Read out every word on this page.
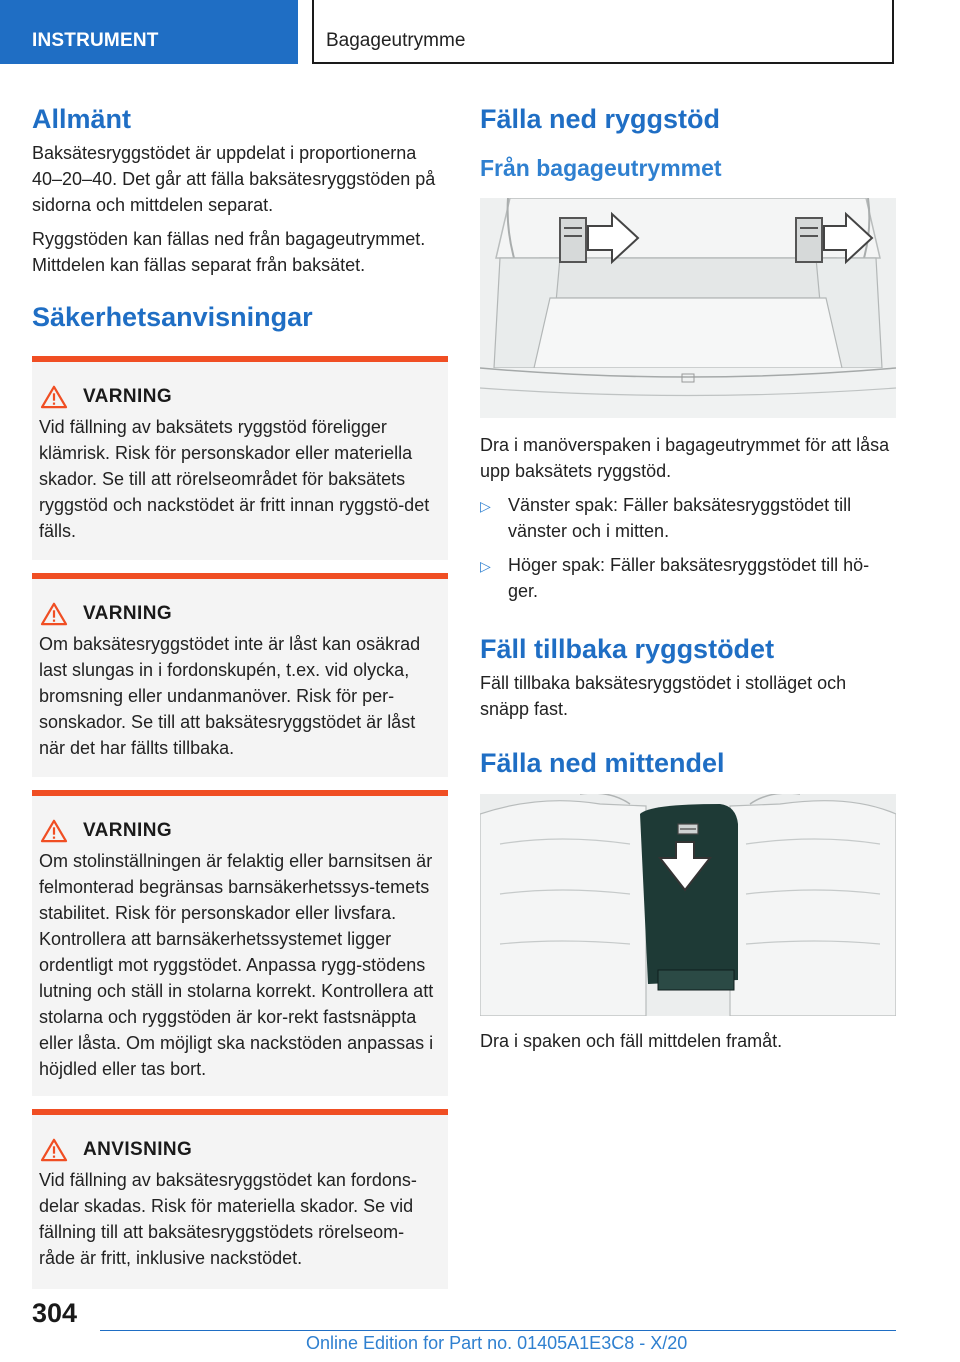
INSTRUMENT	Bagageutrymme
Allmänt

Baksätesryggstödet är uppdelat i proportionerna 40–20–40. Det går att fälla baksätesryggstöden på sidorna och mittdelen separat.

Ryggstöden kan fällas ned från bagageutrymmet. Mittdelen kan fällas separat från baksätet.

Säkerhetsanvisningar
VARNING

Vid fällning av baksätets ryggstöd föreligger klämrisk. Risk för personskador eller materiella skador. Se till att rörelseområdet för baksätets ryggstöd och nackstödet är fritt innan ryggstö-det fälls.

VARNING

Om baksätesryggstödet inte är låst kan osäkrad last slungas in i fordonskupén, t.ex. vid olycka, bromsning eller undanmanöver. Risk för per-sonskador. Se till att baksätesryggstödet är låst när det har fällts tillbaka.

VARNING

Om stolinställningen är felaktig eller barnsitsen är felmonterad begränsas barnsäkerhetssys-temets stabilitet. Risk för personskador eller livsfara. Kontrollera att barnsäkerhetssystemet ligger ordentligt mot ryggstödet. Anpassa rygg-stödens lutning och ställ in stolarna korrekt. Kontrollera att stolarna och ryggstöden är kor-rekt fastsnäppta eller låsta. Om möjligt ska nackstöden anpassas i höjdled eller tas bort.

ANVISNING

Vid fällning av baksätesryggstödet kan fordons-delar skadas. Risk för materiella skador. Se vid fällning till att baksätesryggstödets rörelseom-råde är fritt, inklusive nackstödet.

Fälla ned ryggstöd
Från bagageutrymmet

Dra i manöverspaken i bagageutrymmet för att låsa upp baksätets ryggstöd.

▷ Vänster spak: Fäller baksätesryggstödet till vänster och i mitten.
▷ Höger spak: Fäller baksätesryggstödet till hö-ger.
Fäll tillbaka ryggstödet

Fäll tillbaka baksätesryggstödet i stolläget och snäpp fast.

Fälla ned mittendel

Dra i spaken och fäll mittdelen framåt.

304
Online Edition for Part no. 01405A1E3C8 - X/20
